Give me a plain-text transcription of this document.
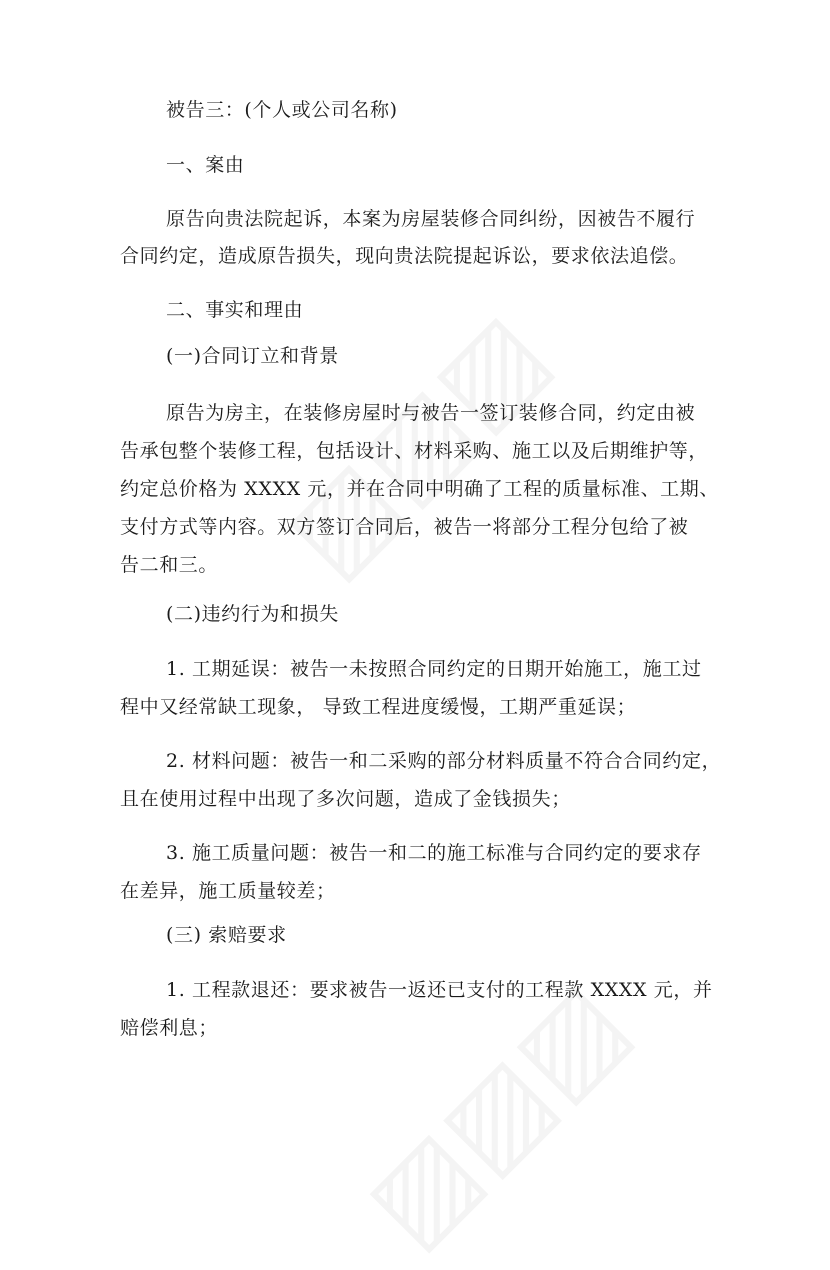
被告三：(个人或公司名称)
一、案由
原告向贵法院起诉，本案为房屋装修合同纠纷，因被告不履行
合同约定，造成原告损失，现向贵法院提起诉讼，要求依法追偿。
二、事实和理由
(一)合同订立和背景
原告为房主，在装修房屋时与被告一签订装修合同，约定由被
告承包整个装修工程，包括设计、材料采购、施工以及后期维护等，
约定总价格为 XXXX 元，并在合同中明确了工程的质量标准、工期、
支付方式等内容。双方签订合同后，被告一将部分工程分包给了被
告二和三。
(二)违约行为和损失
1. 工期延误：被告一未按照合同约定的日期开始施工，施工过
程中又经常缺工现象， 导致工程进度缓慢，工期严重延误；
2. 材料问题：被告一和二采购的部分材料质量不符合合同约定，
且在使用过程中出现了多次问题，造成了金钱损失；
3. 施工质量问题：被告一和二的施工标准与合同约定的要求存
在差异，施工质量较差；
(三) 索赔要求
1. 工程款退还：要求被告一返还已支付的工程款 XXXX 元，并
赔偿利息；
